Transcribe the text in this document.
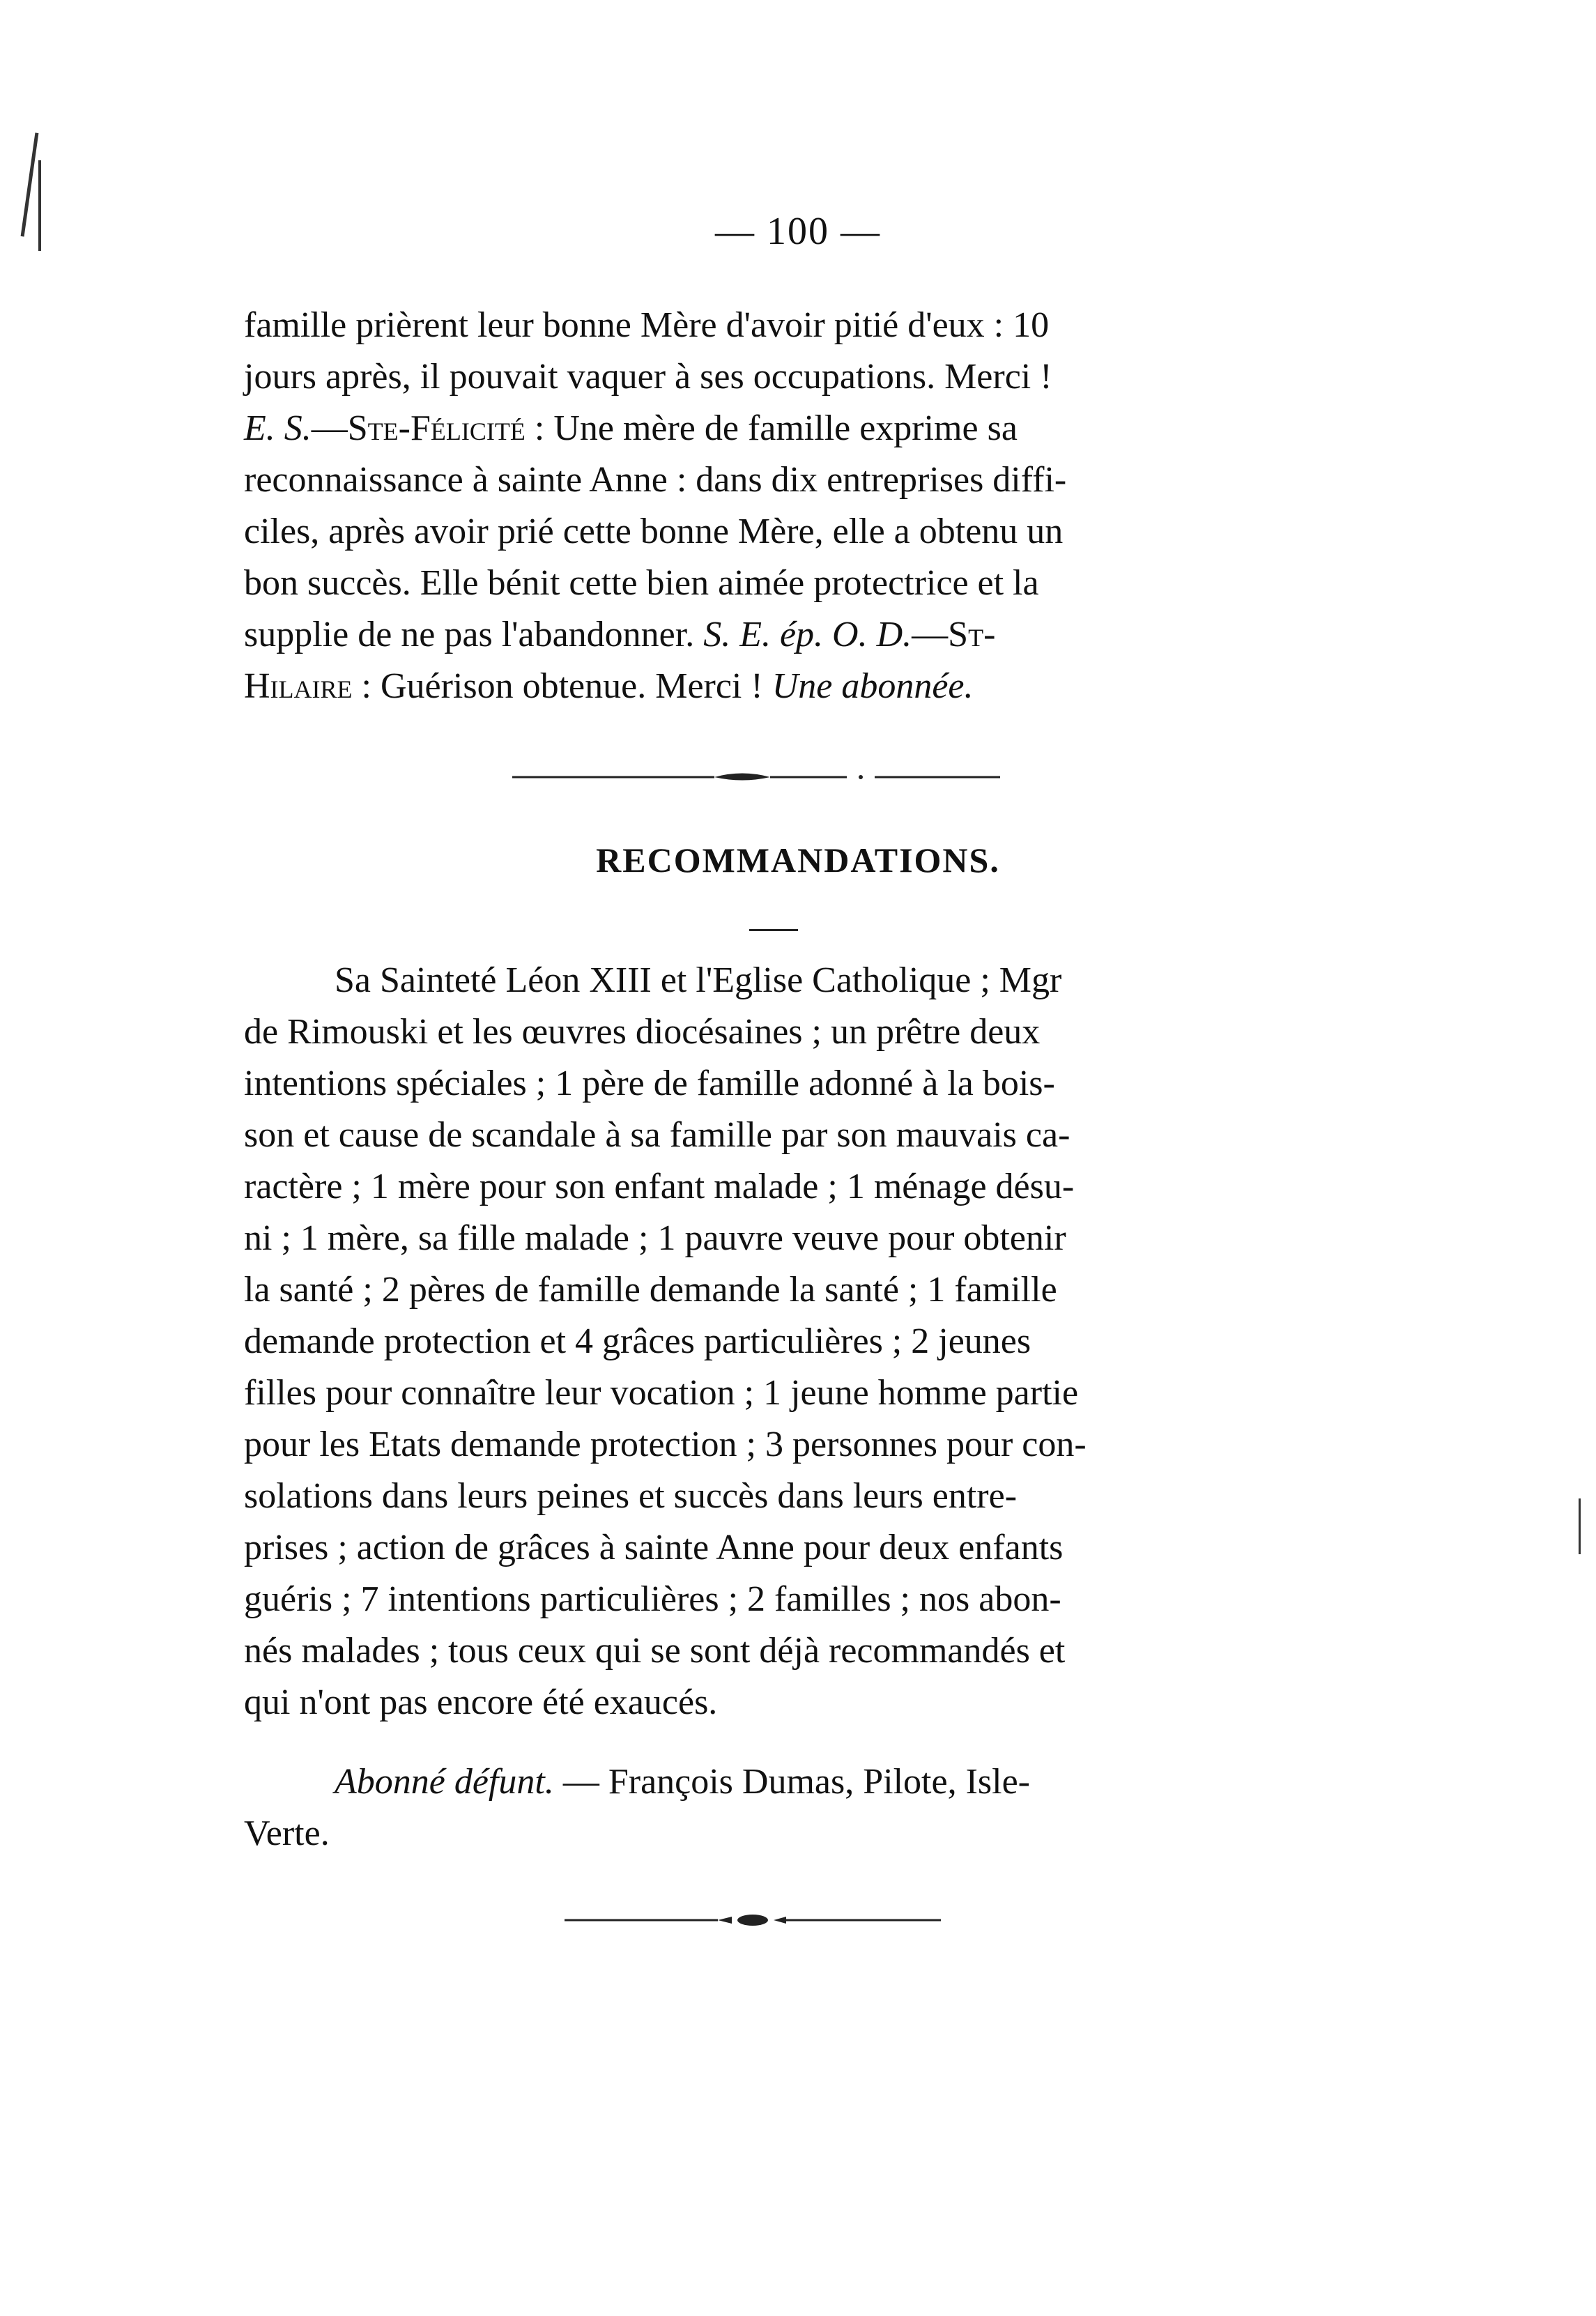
— 100 —
famille prièrent leur bonne Mère d'avoir pitié d'eux : 10
jours après, il pouvait vaquer à ses occupations. Merci !
E. S.—Ste-Félicité : Une mère de famille exprime sa
reconnaissance à sainte Anne : dans dix entreprises diffi-
ciles, après avoir prié cette bonne Mère, elle a obtenu un
bon succès. Elle bénit cette bien aimée protectrice et la
supplie de ne pas l'abandonner. S. E. ép. O. D.—St-
Hilaire : Guérison obtenue. Merci ! Une abonnée.
RECOMMANDATIONS.
Sa Sainteté Léon XIII et l'Eglise Catholique ; Mgr
de Rimouski et les œuvres diocésaines ; un prêtre deux
intentions spéciales ; 1 père de famille adonné à la bois-
son et cause de scandale à sa famille par son mauvais ca-
ractère ; 1 mère pour son enfant malade ; 1 ménage désu-
ni ; 1 mère, sa fille malade ; 1 pauvre veuve pour obtenir
la santé ; 2 pères de famille demande la santé ; 1 famille
demande protection et 4 grâces particulières ; 2 jeunes
filles pour connaître leur vocation ; 1 jeune homme partie
pour les Etats demande protection ; 3 personnes pour con-
solations dans leurs peines et succès dans leurs entre-
prises ; action de grâces à sainte Anne pour deux enfants
guéris ; 7 intentions particulières ; 2 familles ; nos abon-
nés malades ; tous ceux qui se sont déjà recommandés et
qui n'ont pas encore été exaucés.
Abonné défunt. — François Dumas, Pilote, Isle-
Verte.
